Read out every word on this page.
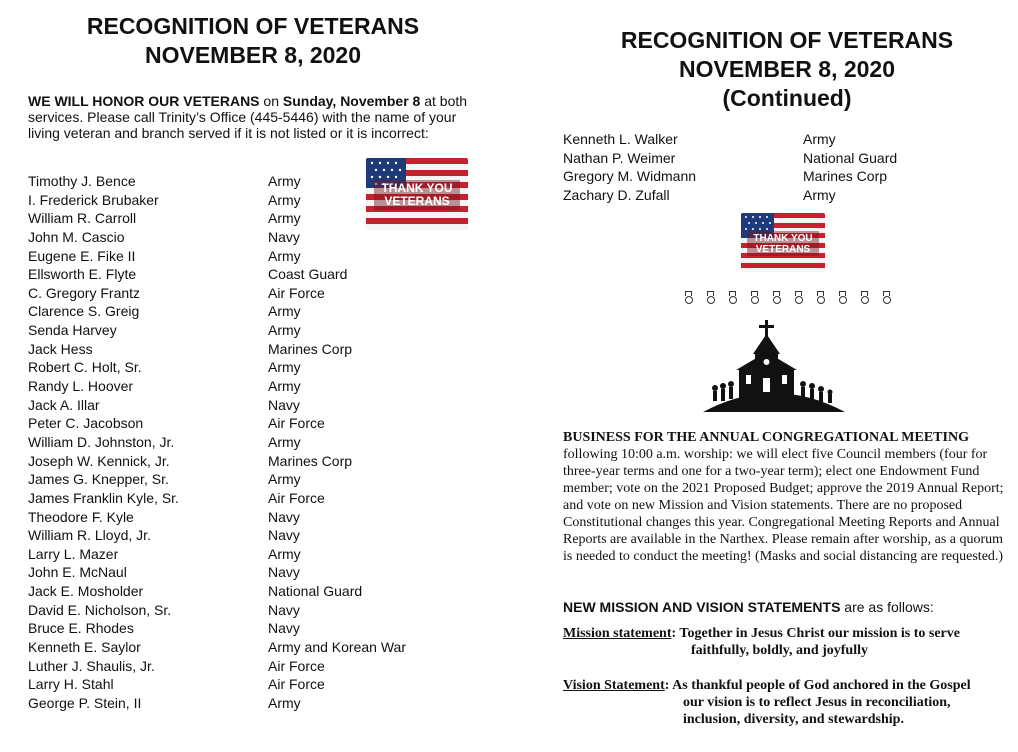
RECOGNITION OF VETERANS
NOVEMBER 8, 2020

WE WILL HONOR OUR VETERANS on Sunday, November 8 at both services. Please call Trinity’s Office (445-5446) with the name of your living veteran and branch served if it is not listed or it is incorrect:

THANK YOU
VETERANS
Timothy J. Bence	Army
I. Frederick Brubaker	Army
William R. Carroll	Army
John M. Cascio	Navy
Eugene E. Fike II	Army
Ellsworth E. Flyte	Coast Guard
C. Gregory Frantz	Air Force
Clarence S. Greig	Army
Senda Harvey	Army
Jack Hess	Marines Corp
Robert C. Holt, Sr.	Army
Randy L. Hoover	Army
Jack A. Illar	Navy
Peter C. Jacobson	Air Force
William D. Johnston, Jr.	Army
Joseph W. Kennick, Jr.	Marines Corp
James G. Knepper, Sr.	Army
James Franklin Kyle, Sr.	Air Force
Theodore F. Kyle	Navy
William R. Lloyd, Jr.	Navy
Larry L. Mazer	Army
John E. McNaul	Navy
Jack E. Mosholder	National Guard
David E. Nicholson, Sr.	Navy
Bruce E. Rhodes	Navy
Kenneth E. Saylor	Army and Korean War
Luther J. Shaulis, Jr.	Air Force
Larry H. Stahl	Air Force
George P. Stein, II	Army
RECOGNITION OF VETERANS
NOVEMBER 8, 2020
(Continued)
Kenneth L. Walker	Army
Nathan P. Weimer	National Guard
Gregory M. Widmann	Marines Corp
Zachary D. Zufall	Army
THANK YOU
VETERANS

BUSINESS FOR THE ANNUAL CONGREGATIONAL MEETING following 10:00 a.m. worship: we will elect five Council members (four for three-year terms and one for a two-year term); elect one Endowment Fund member; vote on the 2021 Proposed Budget; approve the 2019 Annual Report; and vote on new Mission and Vision statements. There are no proposed Constitutional changes this year. Congregational Meeting Reports and Annual Reports are available in the Narthex. Please remain after worship, as a quorum is needed to conduct the meeting! (Masks and social distancing are requested.)

NEW MISSION AND VISION STATEMENTS are as follows:

Mission statement: Together in Jesus Christ our mission is to serve
faithfully, boldly, and joyfully
Vision Statement: As thankful people of God anchored in the Gospel
our vision is to reflect Jesus in reconciliation,
inclusion, diversity, and stewardship.
